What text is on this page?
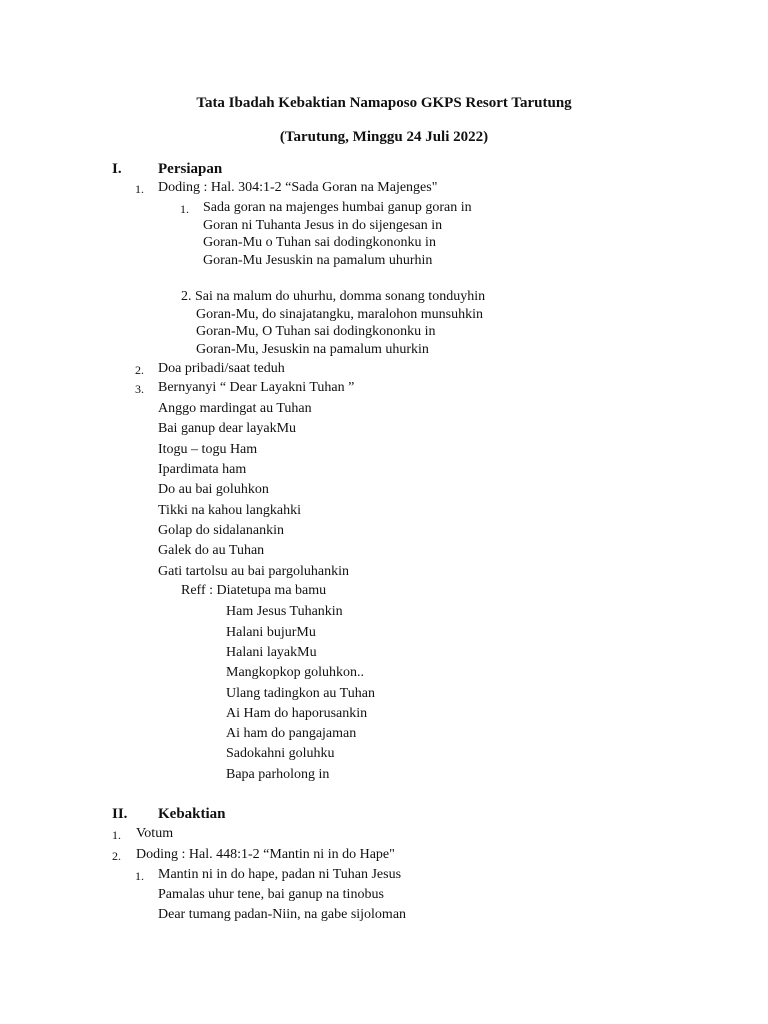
Tata Ibadah Kebaktian Namaposo GKPS Resort Tarutung
(Tarutung, Minggu 24 Juli 2022)
I. Persiapan
1. Doding : Hal. 304:1-2 “Sada Goran na Majenges"
1. Sada goran na majenges humbai ganup goran in
Goran ni Tuhanta Jesus in do sijengesan in
Goran-Mu o Tuhan sai dodingkononku in
Goran-Mu Jesuskin na pamalum uhurhin
2. Sai na malum do uhurhu, domma sonang tonduyhin
Goran-Mu, do sinajatangku, maralohon munsuhkin
Goran-Mu, O Tuhan sai dodingkononku in
Goran-Mu, Jesuskin na pamalum uhurkin
2. Doa pribadi/saat teduh
3. Bernyanyi “ Dear Layakni Tuhan ”
Anggo mardingat au Tuhan
Bai ganup dear layakMu
Itogu – togu Ham
Ipardimata ham
Do au bai goluhkon
Tikki na kahou langkahki
Golap do sidalanankin
Galek do au Tuhan
Gati tartolsu au bai pargoluhankin
Reff : Diatetupa ma bamu
Ham Jesus Tuhankin
Halani bujurMu
Halani layakMu
Mangkopkop goluhkon..
Ulang tadingkon au Tuhan
Ai Ham do haporusankin
Ai ham do pangajaman
Sadokahni goluhku
Bapa parholong in
II. Kebaktian
1. Votum
2. Doding : Hal. 448:1-2 “Mantin ni in do Hape"
1. Mantin ni in do hape, padan ni Tuhan Jesus
Pamalas uhur tene, bai ganup na tinobus
Dear tumang padan-Niin, na gabe sijoloman
